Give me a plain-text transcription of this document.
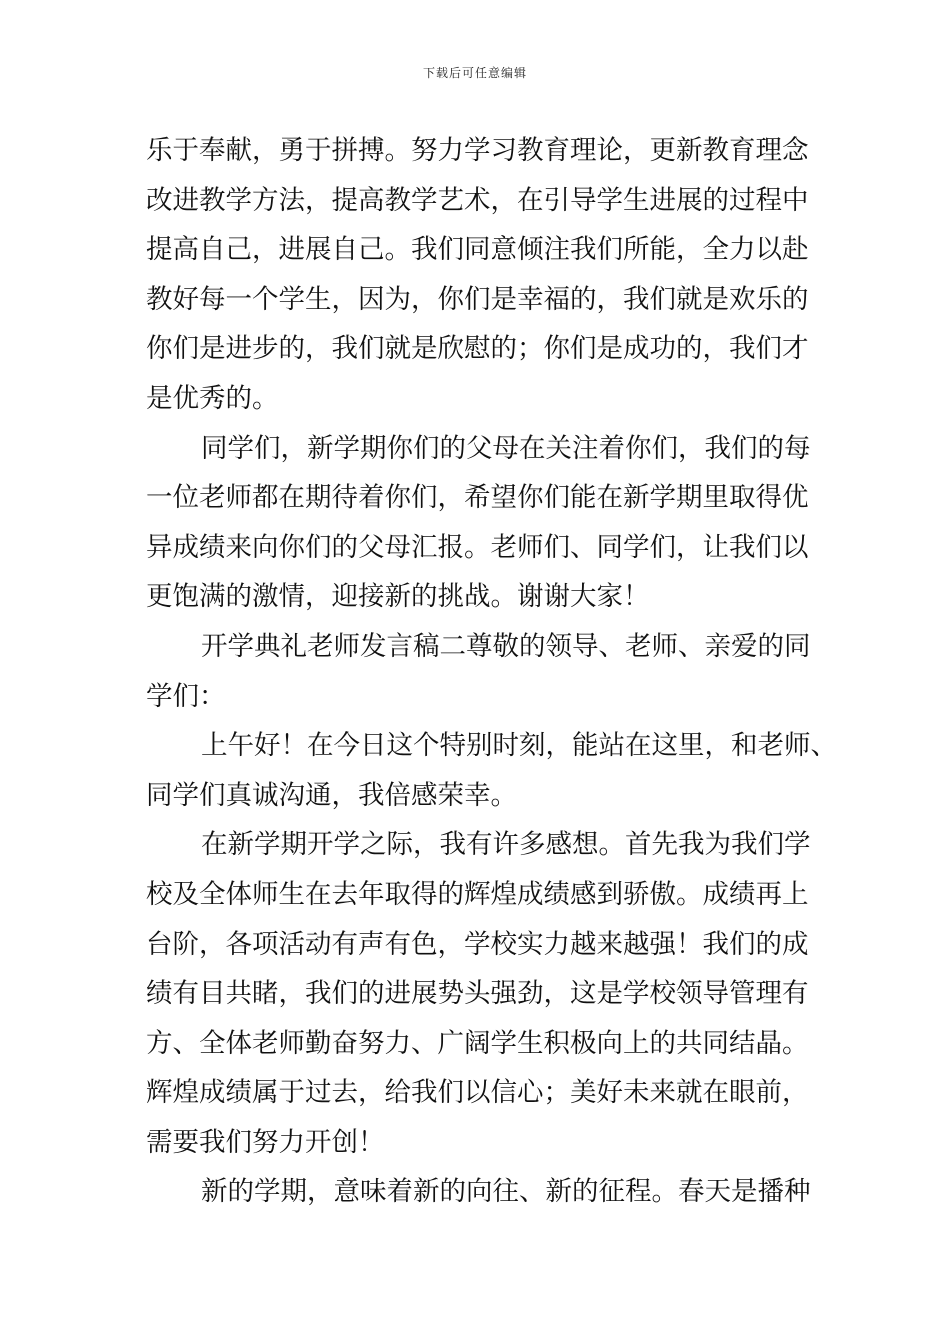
下载后可任意编辑
乐于奉献，勇于拼搏。努力学习教育理论，更新教育理念
改进教学方法，提高教学艺术，在引导学生进展的过程中
提高自己，进展自己。我们同意倾注我们所能，全力以赴
教好每一个学生，因为，你们是幸福的，我们就是欢乐的
你们是进步的，我们就是欣慰的；你们是成功的，我们才
是优秀的。
同学们，新学期你们的父母在关注着你们，我们的每
一位老师都在期待着你们，希望你们能在新学期里取得优
异成绩来向你们的父母汇报。老师们、同学们，让我们以
更饱满的激情，迎接新的挑战。谢谢大家！
开学典礼老师发言稿二尊敬的领导、老师、亲爱的同
学们：
上午好！在今日这个特别时刻，能站在这里，和老师、
同学们真诚沟通，我倍感荣幸。
在新学期开学之际，我有许多感想。首先我为我们学
校及全体师生在去年取得的辉煌成绩感到骄傲。成绩再上
台阶，各项活动有声有色，学校实力越来越强！我们的成
绩有目共睹，我们的进展势头强劲，这是学校领导管理有
方、全体老师勤奋努力、广阔学生积极向上的共同结晶。
辉煌成绩属于过去，给我们以信心；美好未来就在眼前，
需要我们努力开创！
新的学期，意味着新的向往、新的征程。春天是播种
